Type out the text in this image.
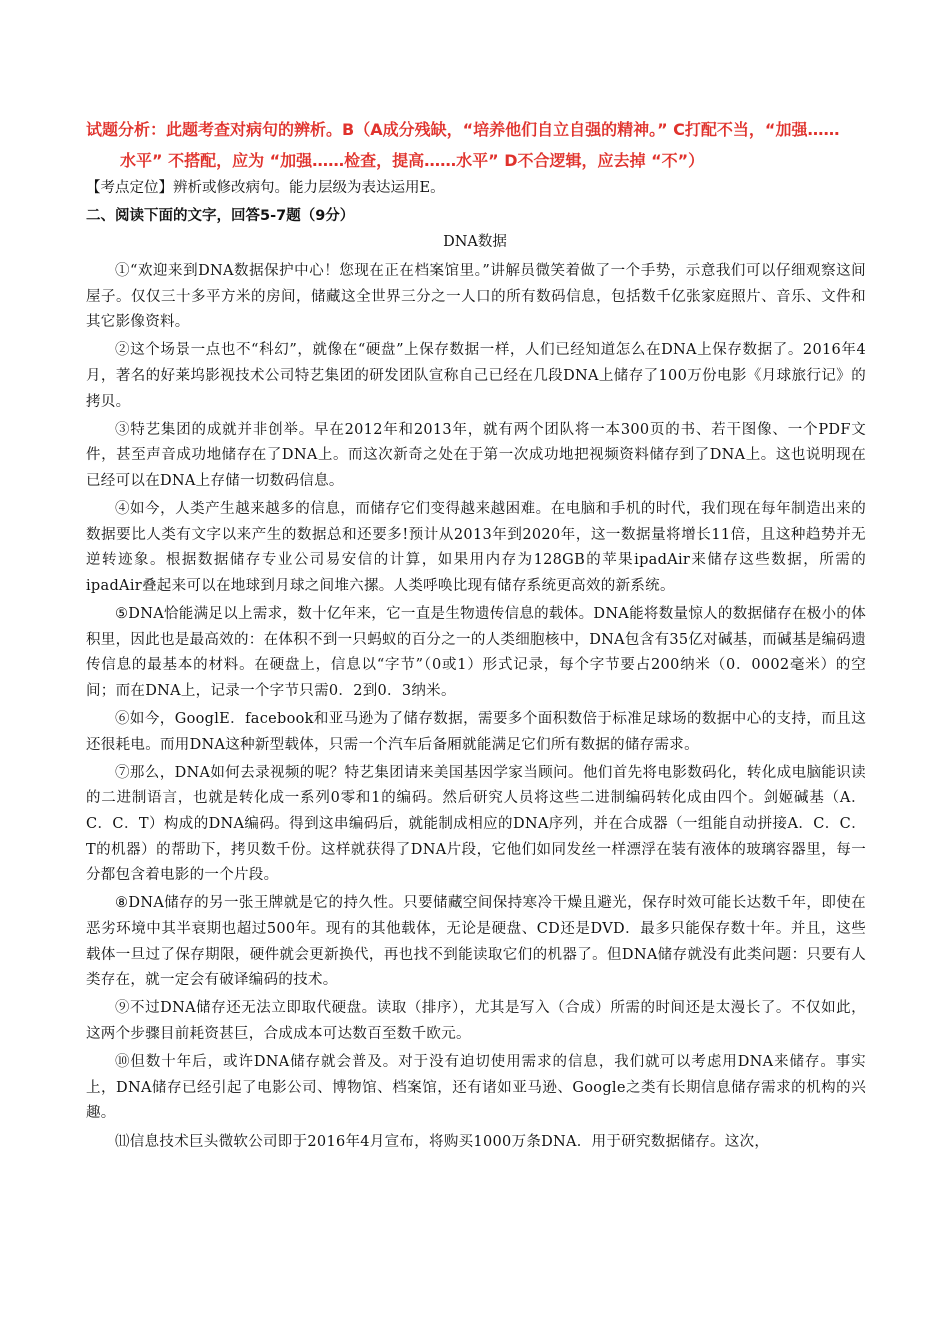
试题分析：此题考查对病句的辨析。B（A成分残缺，“培养他们自立自强的精神。” C打配不当，“加强……
水平” 不搭配，应为 “加强……检查，提高……水平” D不合逻辑，应去掉 “不”）
【考点定位】辨析或修改病句。能力层级为表达运用E。
二、阅读下面的文字，回答5-7题（9分）
DNA数据

①“欢迎来到DNA数据保护中心！您现在正在档案馆里。”讲解员微笑着做了一个手势，示意我们可以仔细观察这间屋子。仅仅三十多平方米的房间，储藏这全世界三分之一人口的所有数码信息，包括数千亿张家庭照片、音乐、文件和其它影像资料。

②这个场景一点也不“科幻”，就像在“硬盘”上保存数据一样，人们已经知道怎么在DNA上保存数据了。2016年4月，著名的好莱坞影视技术公司特艺集团的研发团队宣称自己已经在几段DNA上储存了100万份电影《月球旅行记》的拷贝。

③特艺集团的成就并非创举。早在2012年和2013年，就有两个团队将一本300页的书、若干图像、一个PDF文件，甚至声音成功地储存在了DNA上。而这次新奇之处在于第一次成功地把视频资料储存到了DNA上。这也说明现在已经可以在DNA上存储一切数码信息。

④如今，人类产生越来越多的信息，而储存它们变得越来越困难。在电脑和手机的时代，我们现在每年制造出来的数据要比人类有文字以来产生的数据总和还要多!预计从2013年到2020年，这一数据量将增长11倍，且这种趋势并无逆转迹象。根据数据储存专业公司易安信的计算，如果用内存为128GB的苹果ipadAir来储存这些数据，所需的ipadAir叠起来可以在地球到月球之间堆六摞。人类呼唤比现有储存系统更高效的新系统。

⑤DNA恰能满足以上需求，数十亿年来，它一直是生物遗传信息的载体。DNA能将数量惊人的数据储存在极小的体积里，因此也是最高效的：在体积不到一只蚂蚁的百分之一的人类细胞核中，DNA包含有35亿对碱基，而碱基是编码遗传信息的最基本的材料。在硬盘上，信息以“字节”（0或1）形式记录，每个字节要占200纳米（0．0002毫米）的空间；而在DNA上，记录一个字节只需0．2到0．3纳米。

⑥如今，GooglE．facebook和亚马逊为了储存数据，需要多个面积数倍于标准足球场的数据中心的支持，而且这还很耗电。而用DNA这种新型载体，只需一个汽车后备厢就能满足它们所有数据的储存需求。

⑦那么，DNA如何去录视频的呢？特艺集团请来美国基因学家当顾问。他们首先将电影数码化，转化成电脑能识读的二进制语言，也就是转化成一系列0零和1的编码。然后研究人员将这些二进制编码转化成由四个。剑姬碱基（A．C．C．T）构成的DNA编码。得到这串编码后，就能制成相应的DNA序列，并在合成器（一组能自动拼接A．C．C．T的机器）的帮助下，拷贝数千份。这样就获得了DNA片段，它他们如同发丝一样漂浮在装有液体的玻璃容器里，每一分都包含着电影的一个片段。

⑧DNA储存的另一张王牌就是它的持久性。只要储藏空间保持寒冷干燥且避光，保存时效可能长达数千年，即使在恶劣环境中其半衰期也超过500年。现有的其他载体，无论是硬盘、CD还是DVD．最多只能保存数十年。并且，这些载体一旦过了保存期限，硬件就会更新换代，再也找不到能读取它们的机器了。但DNA储存就没有此类问题：只要有人类存在，就一定会有破译编码的技术。

⑨不过DNA储存还无法立即取代硬盘。读取（排序），尤其是写入（合成）所需的时间还是太漫长了。不仅如此，这两个步骤目前耗资甚巨，合成成本可达数百至数千欧元。

⑩但数十年后，或许DNA储存就会普及。对于没有迫切使用需求的信息，我们就可以考虑用DNA来储存。事实上，DNA储存已经引起了电影公司、博物馆、档案馆，还有诸如亚马逊、Google之类有长期信息储存需求的机构的兴趣。

⑾信息技术巨头微软公司即于2016年4月宣布，将购买1000万条DNA．用于研究数据储存。这次，
